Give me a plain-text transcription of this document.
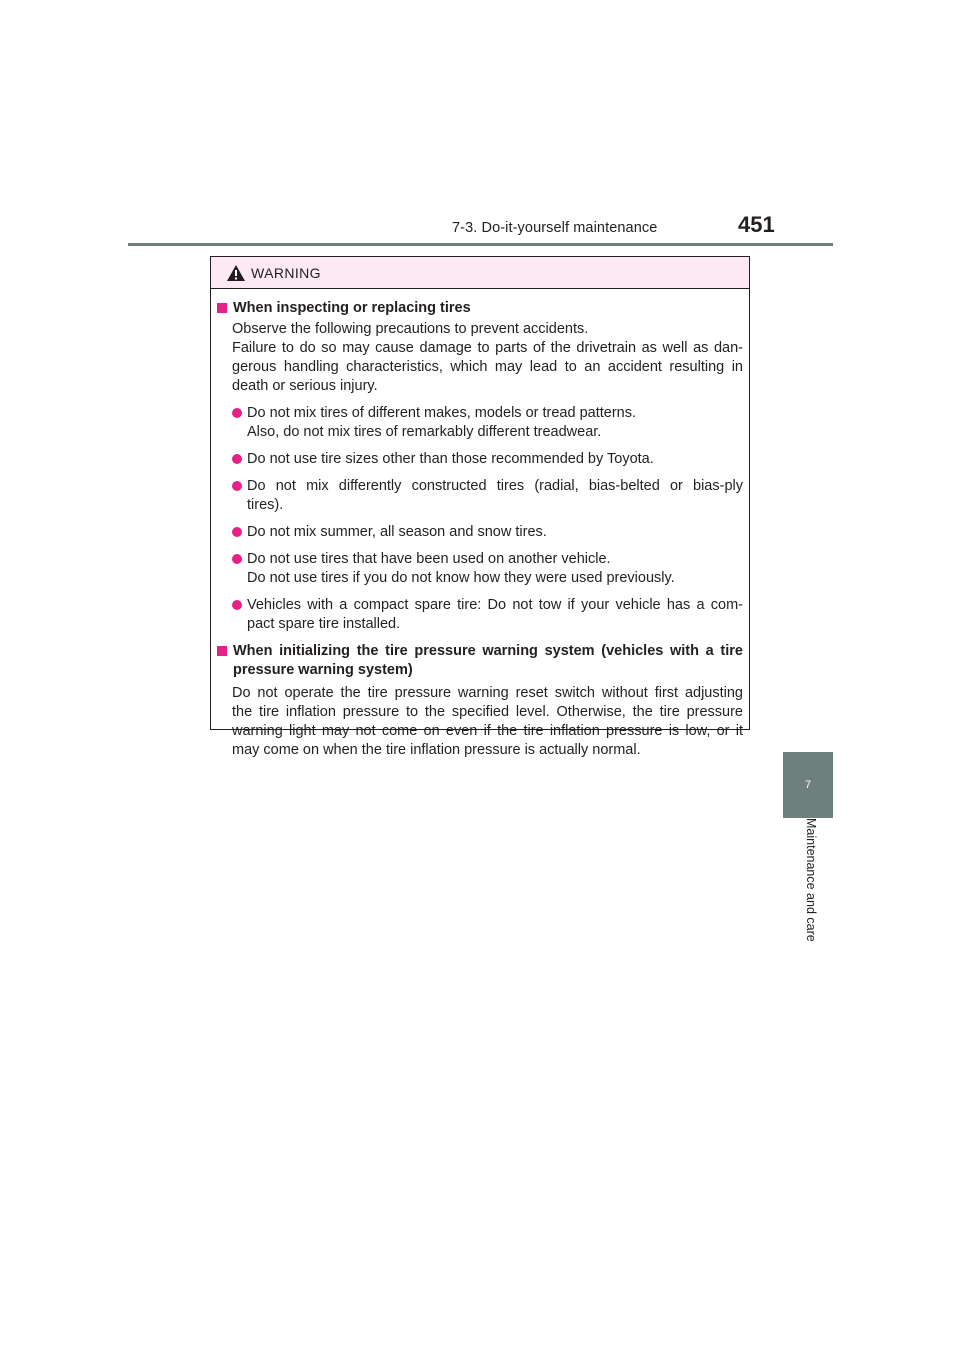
7-3. Do-it-yourself maintenance	451
7
Maintenance and care
WARNING
When inspecting or replacing tires
Observe the following precautions to prevent accidents.
Failure to do so may cause damage to parts of the drivetrain as well as dan-
gerous handling characteristics, which may lead to an accident resulting in
death or serious injury.
Do not mix tires of different makes, models or tread patterns.
Also, do not mix tires of remarkably different treadwear.
Do not use tire sizes other than those recommended by Toyota.
Do not mix differently constructed tires (radial, bias-belted or bias-ply
tires).
Do not mix summer, all season and snow tires.
Do not use tires that have been used on another vehicle.
Do not use tires if you do not know how they were used previously.
Vehicles with a compact spare tire: Do not tow if your vehicle has a com-
pact spare tire installed.
When initializing the tire pressure warning system (vehicles with a tire
pressure warning system)
Do not operate the tire pressure warning reset switch without first adjusting
the tire inflation pressure to the specified level. Otherwise, the tire pressure
warning light may not come on even if the tire inflation pressure is low, or it
may come on when the tire inflation pressure is actually normal.
